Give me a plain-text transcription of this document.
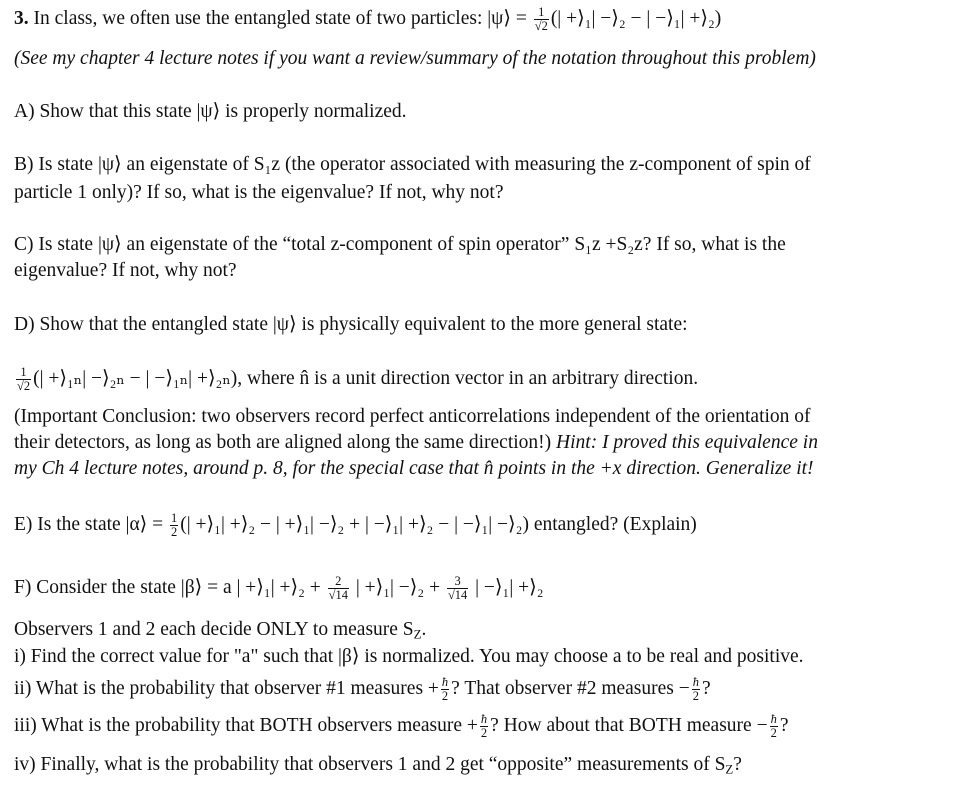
3. In class, we often use the entangled state of two particles: |ψ⟩ = $\frac{1}{√2}$ (| +⟩₁| −⟩₂ − | −⟩₁| +⟩₂)
(See my chapter 4 lecture notes if you want a review/summary of the notation throughout this problem)
A) Show that this state |ψ⟩ is properly normalized.
B) Is state |ψ⟩ an eigenstate of S₁z (the operator associated with measuring the z-component of spin of
particle 1 only)? If so, what is the eigenvalue? If not, why not?
C) Is state |ψ⟩ an eigenstate of the “total z-component of spin operator” S₁z +S₂z? If so, what is the
eigenvalue? If not, why not?
D) Show that the entangled state |ψ⟩ is physically equivalent to the more general state:
$\frac{1}{√2}$ (| +⟩₁ₙ| −⟩₂ₙ − | −⟩₁ₙ| +⟩₂ₙ), where n̂ is a unit direction vector in an arbitrary direction.
(Important Conclusion: two observers record perfect anticorrelations independent of the orientation of
their detectors, as long as both are aligned along the same direction!) Hint: I proved this equivalence in
my Ch 4 lecture notes, around p. 8, for the special case that n̂ points in the +x direction. Generalize it!
E) Is the state |α⟩ = $\frac{1}{2}$ (| +⟩₁| +⟩₂ − | +⟩₁| −⟩₂ + | −⟩₁| +⟩₂ − | −⟩₁| −⟩₂) entangled? (Explain)
F) Consider the state |β⟩ = a | +⟩₁| +⟩₂ + $\frac{2}{√14}$ | +⟩₁| −⟩₂ + $\frac{3}{√14}$ | −⟩₁| +⟩₂
Observers 1 and 2 each decide ONLY to measure $S_Z$.
i) Find the correct value for "a" such that |β⟩ is normalized. You may choose a to be real and positive.
ii) What is the probability that observer #1 measures + $\frac{ħ}{2}$ ? That observer #2 measures − $\frac{ħ}{2}$ ?
iii) What is the probability that BOTH observers measure + $\frac{ħ}{2}$ ? How about that BOTH measure − $\frac{ħ}{2}$ ?
iv) Finally, what is the probability that observers 1 and 2 get “opposite” measurements of $S_Z$?
